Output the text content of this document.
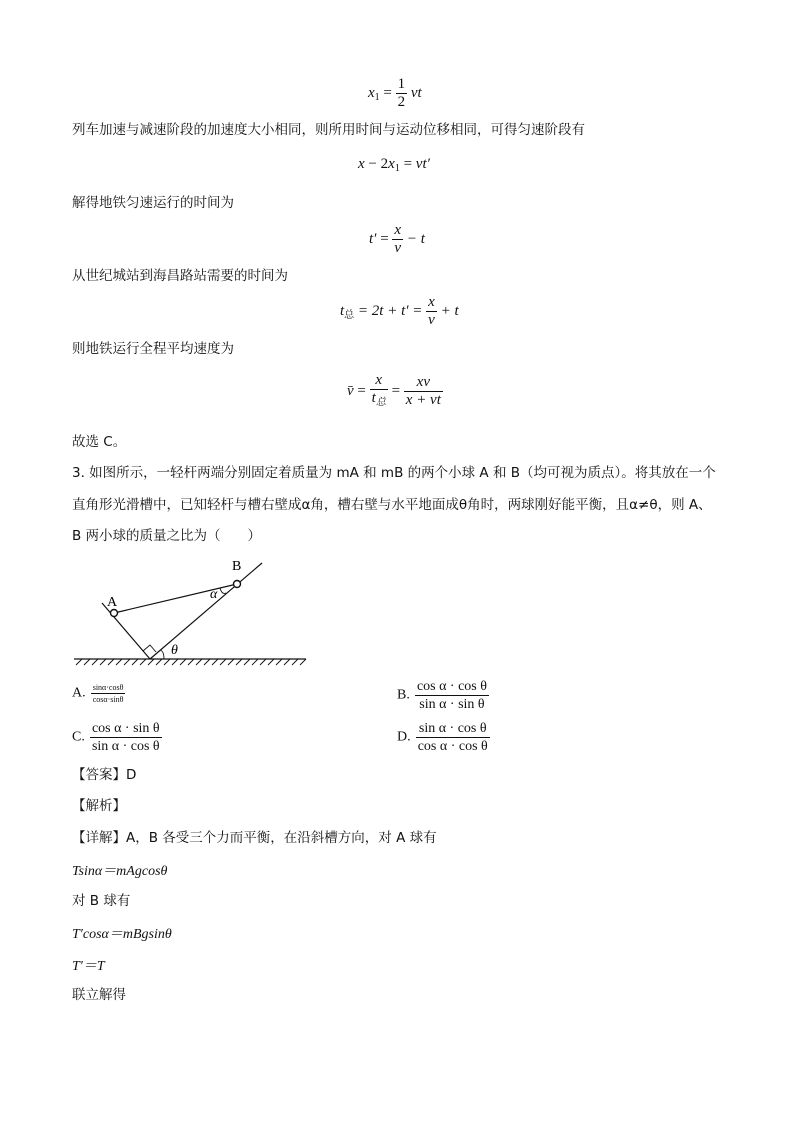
$x_1 = \frac{1}{2}$ vt
列车加速与减速阶段的加速度大小相同，则所用时间与运动位移相同，可得匀速阶段有
$x - 2x_1 = vt'$
解得地铁匀速运行的时间为
$t' = \frac{x}{v} - t$
从世纪城站到海昌路站需要的时间为
$t_总 = 2t + t' = \frac{x}{v} + t$
则地铁运行全程平均速度为
v̄ = $\frac{x}{t_总} = \frac{xv}{x + vt}$
故选 C。
3. 如图所示，一轻杆两端分别固定着质量为 mA 和 mB 的两个小球 A 和 B（均可视为质点）。将其放在一个
直角形光滑槽中，已知轻杆与槽右壁成α角，槽右壁与水平地面成θ角时，两球刚好能平衡，且α≠θ，则 A、
B 两小球的质量之比为（　　）
A
B
α
θ
A. $\frac{\sin\alpha\cdot\cos\theta}{\cos\alpha\cdot\sin\theta}$	B. $\frac{\text{cos α · cos θ}}{\text{sin α · sin θ}}$
C. $\frac{\text{cos α · sin θ}}{\text{sin α · cos θ}}$	D. $\frac{\text{sin α · cos θ}}{\text{cos α · cos θ}}$
【答案】D
【解析】
【详解】A，B 各受三个力而平衡，在沿斜槽方向，对 A 球有
Tsinα＝mAgcosθ
对 B 球有
T′cosα＝mBgsinθ
T′＝T
联立解得
